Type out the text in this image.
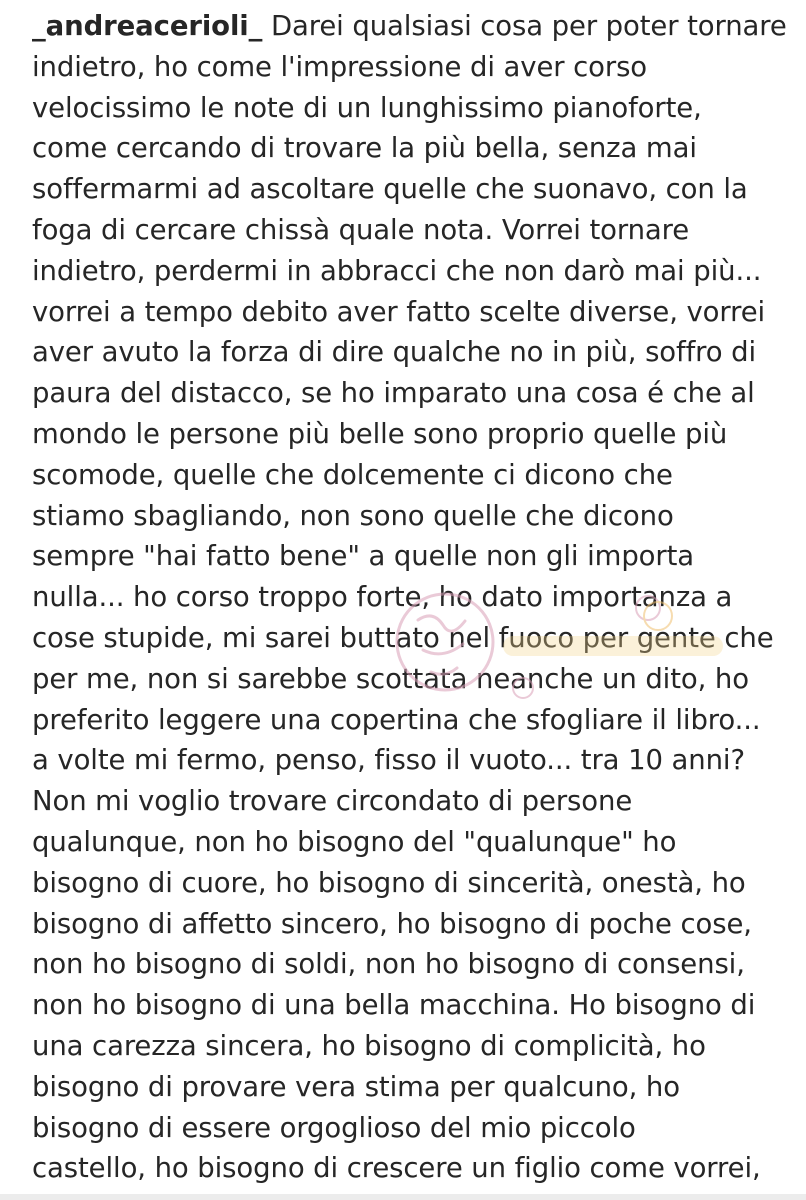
_andreacerioli_ Darei qualsiasi cosa per poter tornare
indietro, ho come l'impressione di aver corso
velocissimo le note di un lunghissimo pianoforte,
come cercando di trovare la più bella, senza mai
soffermarmi ad ascoltare quelle che suonavo, con la
foga di cercare chissà quale nota. Vorrei tornare
indietro, perdermi in abbracci che non darò mai più...
vorrei a tempo debito aver fatto scelte diverse, vorrei
aver avuto la forza di dire qualche no in più, soffro di
paura del distacco, se ho imparato una cosa é che al
mondo le persone più belle sono proprio quelle più
scomode, quelle che dolcemente ci dicono che
stiamo sbagliando, non sono quelle che dicono
sempre "hai fatto bene" a quelle non gli importa
nulla... ho corso troppo forte, ho dato importanza a
cose stupide, mi sarei buttato nel fuoco per gente che
per me, non si sarebbe scottata neanche un dito, ho
preferito leggere una copertina che sfogliare il libro...
a volte mi fermo, penso, fisso il vuoto... tra 10 anni?
Non mi voglio trovare circondato di persone
qualunque, non ho bisogno del "qualunque" ho
bisogno di cuore, ho bisogno di sincerità, onestà, ho
bisogno di affetto sincero, ho bisogno di poche cose,
non ho bisogno di soldi, non ho bisogno di consensi,
non ho bisogno di una bella macchina. Ho bisogno di
una carezza sincera, ho bisogno di complicità, ho
bisogno di provare vera stima per qualcuno, ho
bisogno di essere orgoglioso del mio piccolo
castello, ho bisogno di crescere un figlio come vorrei,
